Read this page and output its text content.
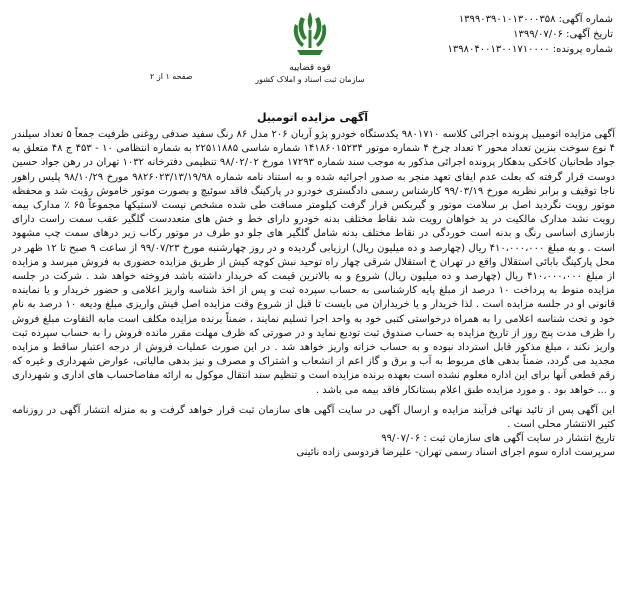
شماره آگهی: ۱۳۹۹۰۳۹۰۱۰۱۳۰۰۰۳۵۸
تاریخ آگهی: ۱۳۹۹/۰۷/۰۶
شماره پرونده: ۱۳۹۸۰۴۰۰۱۳۰۰۱۷۱۰۰۰۰
قوه قضاییه
سازمان ثبت اسناد و املاک کشور
صفحه ۱ از ۲
آگهی مزایده اتومبیل

آگهی مزایده اتومبیل پرونده اجرائی کلاسه ۹۸۰۱۷۱۰ یکدستگاه خودرو پژو آریان ۲۰۶ مدل ۸۶ رنگ سفید صدفی روغنی ظرفیت جمعاً ۵ تعداد سیلندر ۴ نوع سوخت بنزین تعداد محور ۲ تعداد چرخ ۴ شماره موتور ۱۴۱۸۶۰۱۵۲۳۴ شماره شاسی ۲۲۵۱۱۸۸۵ به شماره انتظامی ۱۰ - ۴۵۳ ج ۴۸ متعلق به جواد طحانیان کاخکی بدهکار پرونده اجرائی مذکور به موجب سند شماره ۱۷۲۹۳ مورخ ۹۸/۰۲/۰۲ تنظیمی دفترخانه ۱۰۳۲ تهران در رهن جواد حسین دوست قرار گرفته که بعلت عدم ایفای تعهد منجر به صدور اجرائیه شده و به استناد نامه شماره ۹۸۲۶۰۲۳/۱۳/۱۹/۹۸ مورخ ۹۸/۱۰/۲۹ پلیس راهور ناجا توقیف و برابر نظریه مورخ ۹۹/۰۳/۱۹ کارشناس رسمی دادگستری خودرو در پارکینگ فاقد سوئیچ و بصورت موتور خاموش رؤیت شد و محفظه موتور رویت نگردید اصل بر سلامت موتور و گیربکس قرار گرفت کیلومتر مسافت طی شده مشخص نیست لاستیکها مجموعاً ۶۵ ٪ مدارک بیمه رویت نشد مدارک مالکیت در ید خواهان رویت شد نقاط مختلف بدنه خودرو دارای خط و خش های متعددست گلگیر عقب سمت راست دارای بازسازی اساسی رنگ و بدنه است خوردگی در نقاط مختلف بدنه شامل گلگیر های جلو دو طرف در موتور رکاب زیر درهای سمت چپ مشهود است . و به مبلغ ۴۱۰،۰۰۰،۰۰۰ ریال (چهارصد و ده میلیون ریال) ارزیابی گردیده و در روز چهارشنبه مورخ ۹۹/۰۷/۲۳ از ساعت ۹ صبح تا ۱۲ ظهر در محل پارکینگ بابائی استقلال واقع در تهران خ استقلال شرقی چهار راه توحید نبش کوچه کیش از طریق مزایده حضوری به فروش میرسد و مزایده از مبلغ ۴۱۰،۰۰۰،۰۰۰ ریال (چهارصد و ده میلیون ریال) شروع و به بالاترین قیمت که خریدار داشته باشد فروخته خواهد شد . شرکت در جلسه مزایده منوط به پرداخت ۱۰ درصد از مبلغ پایه کارشناسی به حساب سپرده ثبت و پس از اخذ شناسه واریز اعلامی و حضور خریدار و یا نماینده قانونی او در جلسه مزایده است . لذا خریدار و یا خریداران می بایست تا قبل از شروع وقت مزایده اصل فیش واریزی مبلغ ودیعه ۱۰ درصد به نام خود و تحت شناسه اعلامی را به همراه درخواستی کتبی خود به واحد اجرا تسلیم نمایند ، ضمناً برنده مزایده مکلف است مابه التفاوت مبلغ فروش را ظرف مدت پنج روز از تاریخ مزایده به حساب صندوق ثبت تودیع نماید و در صورتی که ظرف مهلت مقرر مانده فروش را به حساب سپرده ثبت واریز نکند ، مبلغ مذکور قابل استرداد نبوده و به حساب خزانه واریز خواهد شد . در این صورت عملیات فروش از درجه اعتبار ساقط و مزایده مجدید می گردد، ضمناً بدهی های مربوط به آب و برق و گاز اعم از انشعاب و اشتراک و مصرف و نیز بدهی مالیاتی، عوارض شهرداری و غیره که رقم قطعی آنها برای این اداره معلوم نشده است بعهده برنده مزایده است و تنظیم سند انتقال موکول به ارائه مفاصاحساب های اداری و شهرداری و ... خواهد بود . و مورد مزایده طبق اعلام بستانکار فاقد بیمه می باشد .

این آگهی پس از تائید نهائی فرآیند مزایده و ارسال آگهی در سایت آگهی های سازمان ثبت قرار خواهد گرفت و به منزله انتشار آگهی در روزنامه کثیر الانتشار محلی است .

تاریخ انتشار در سایت آگهی های سازمان ثبت : ۹۹/۰۷/۰۶

سرپرست اداره سوم اجرای اسناد رسمی تهران- علیرضا فردوسی زاده نائینی
